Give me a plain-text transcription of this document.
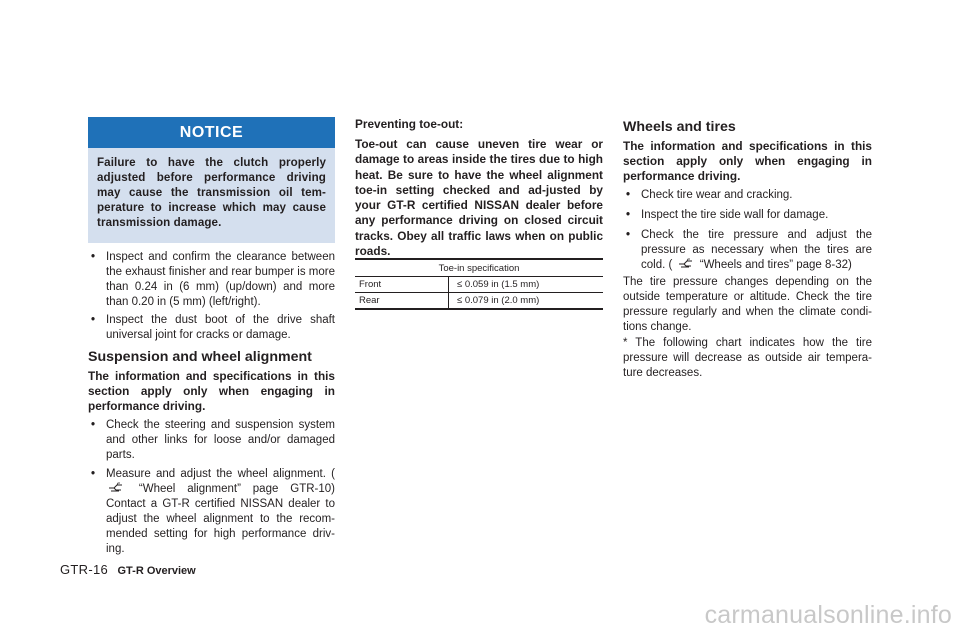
NOTICE
Failure to have the clutch properly adjusted before performance driving may cause the transmission oil tem-perature to increase which may cause transmission damage.
• Inspect and confirm the clearance between the exhaust finisher and rear bumper is more than 0.24 in (6 mm) (up/down) and more than 0.20 in (5 mm) (left/right).
• Inspect the dust boot of the drive shaft universal joint for cracks or damage.
Suspension and wheel alignment
The information and specifications in this section apply only when engaging in performance driving.
• Check the steering and suspension system and other links for loose and/or damaged parts.
• Measure and adjust the wheel alignment. (  “Wheel alignment” page GTR-10) Contact a GT-R certified NISSAN dealer to adjust the wheel alignment to the recom-mended setting for high performance driv-ing.
Preventing toe-out:
Toe-out can cause uneven tire wear or damage to areas inside the tires due to high heat. Be sure to have the wheel alignment toe-in setting checked and ad-justed by your GT-R certified NISSAN dealer before any performance driving on closed circuit tracks. Obey all traffic laws when on public roads.
Toe-in specification	
Front	≤ 0.059 in (1.5 mm)
Rear	≤ 0.079 in (2.0 mm)
Wheels and tires
The information and specifications in this section apply only when engaging in performance driving.
• Check tire wear and cracking.
• Inspect the tire side wall for damage.
• Check the tire pressure and adjust the pressure as necessary when the tires are cold. ( “Wheels and tires” page 8-32)
The tire pressure changes depending on the outside temperature or altitude. Check the tire pressure regularly and when the climate condi-tions change.
* The following chart indicates how the tire pressure will decrease as outside air tempera-ture decreases.
GTR-16 GT-R Overview
carmanualsonline.info
